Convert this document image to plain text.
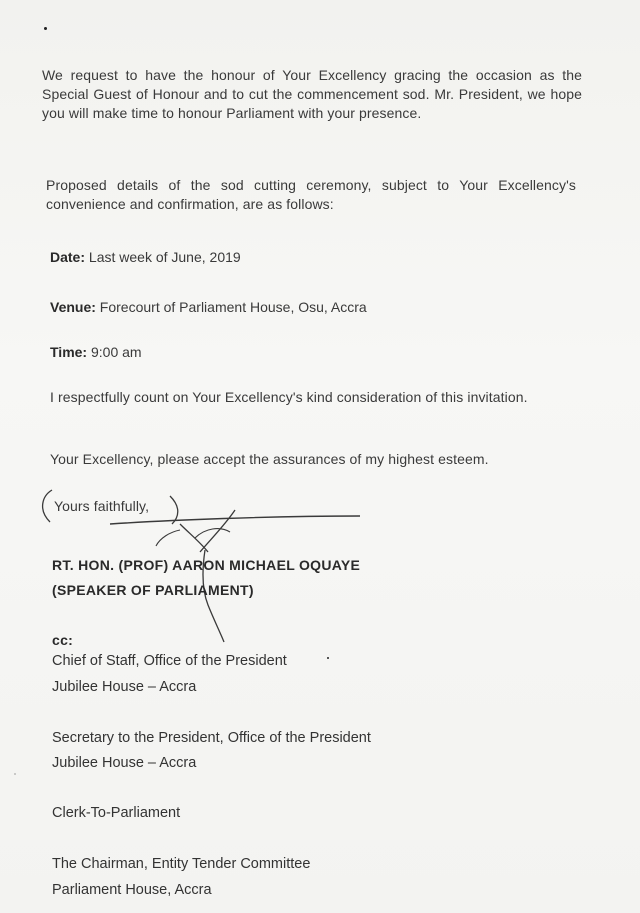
We request to have the honour of Your Excellency gracing the occasion as the Special Guest of Honour and to cut the commencement sod. Mr. President, we hope you will make time to honour Parliament with your presence.

Proposed details of the sod cutting ceremony, subject to Your Excellency's convenience and confirmation, are as follows:

Date: Last week of June, 2019
Venue: Forecourt of Parliament House, Osu, Accra
Time: 9:00 am

I respectfully count on Your Excellency's kind consideration of this invitation.

Your Excellency, please accept the assurances of my highest esteem.

Yours faithfully,

RT. HON. (PROF) AARON MICHAEL OQUAYE
(SPEAKER OF PARLIAMENT)
cc:
Chief of Staff, Office of the President
Jubilee House – Accra
Secretary to the President, Office of the President
Jubilee House – Accra
Clerk-To-Parliament
The Chairman, Entity Tender Committee
Parliament House, Accra
